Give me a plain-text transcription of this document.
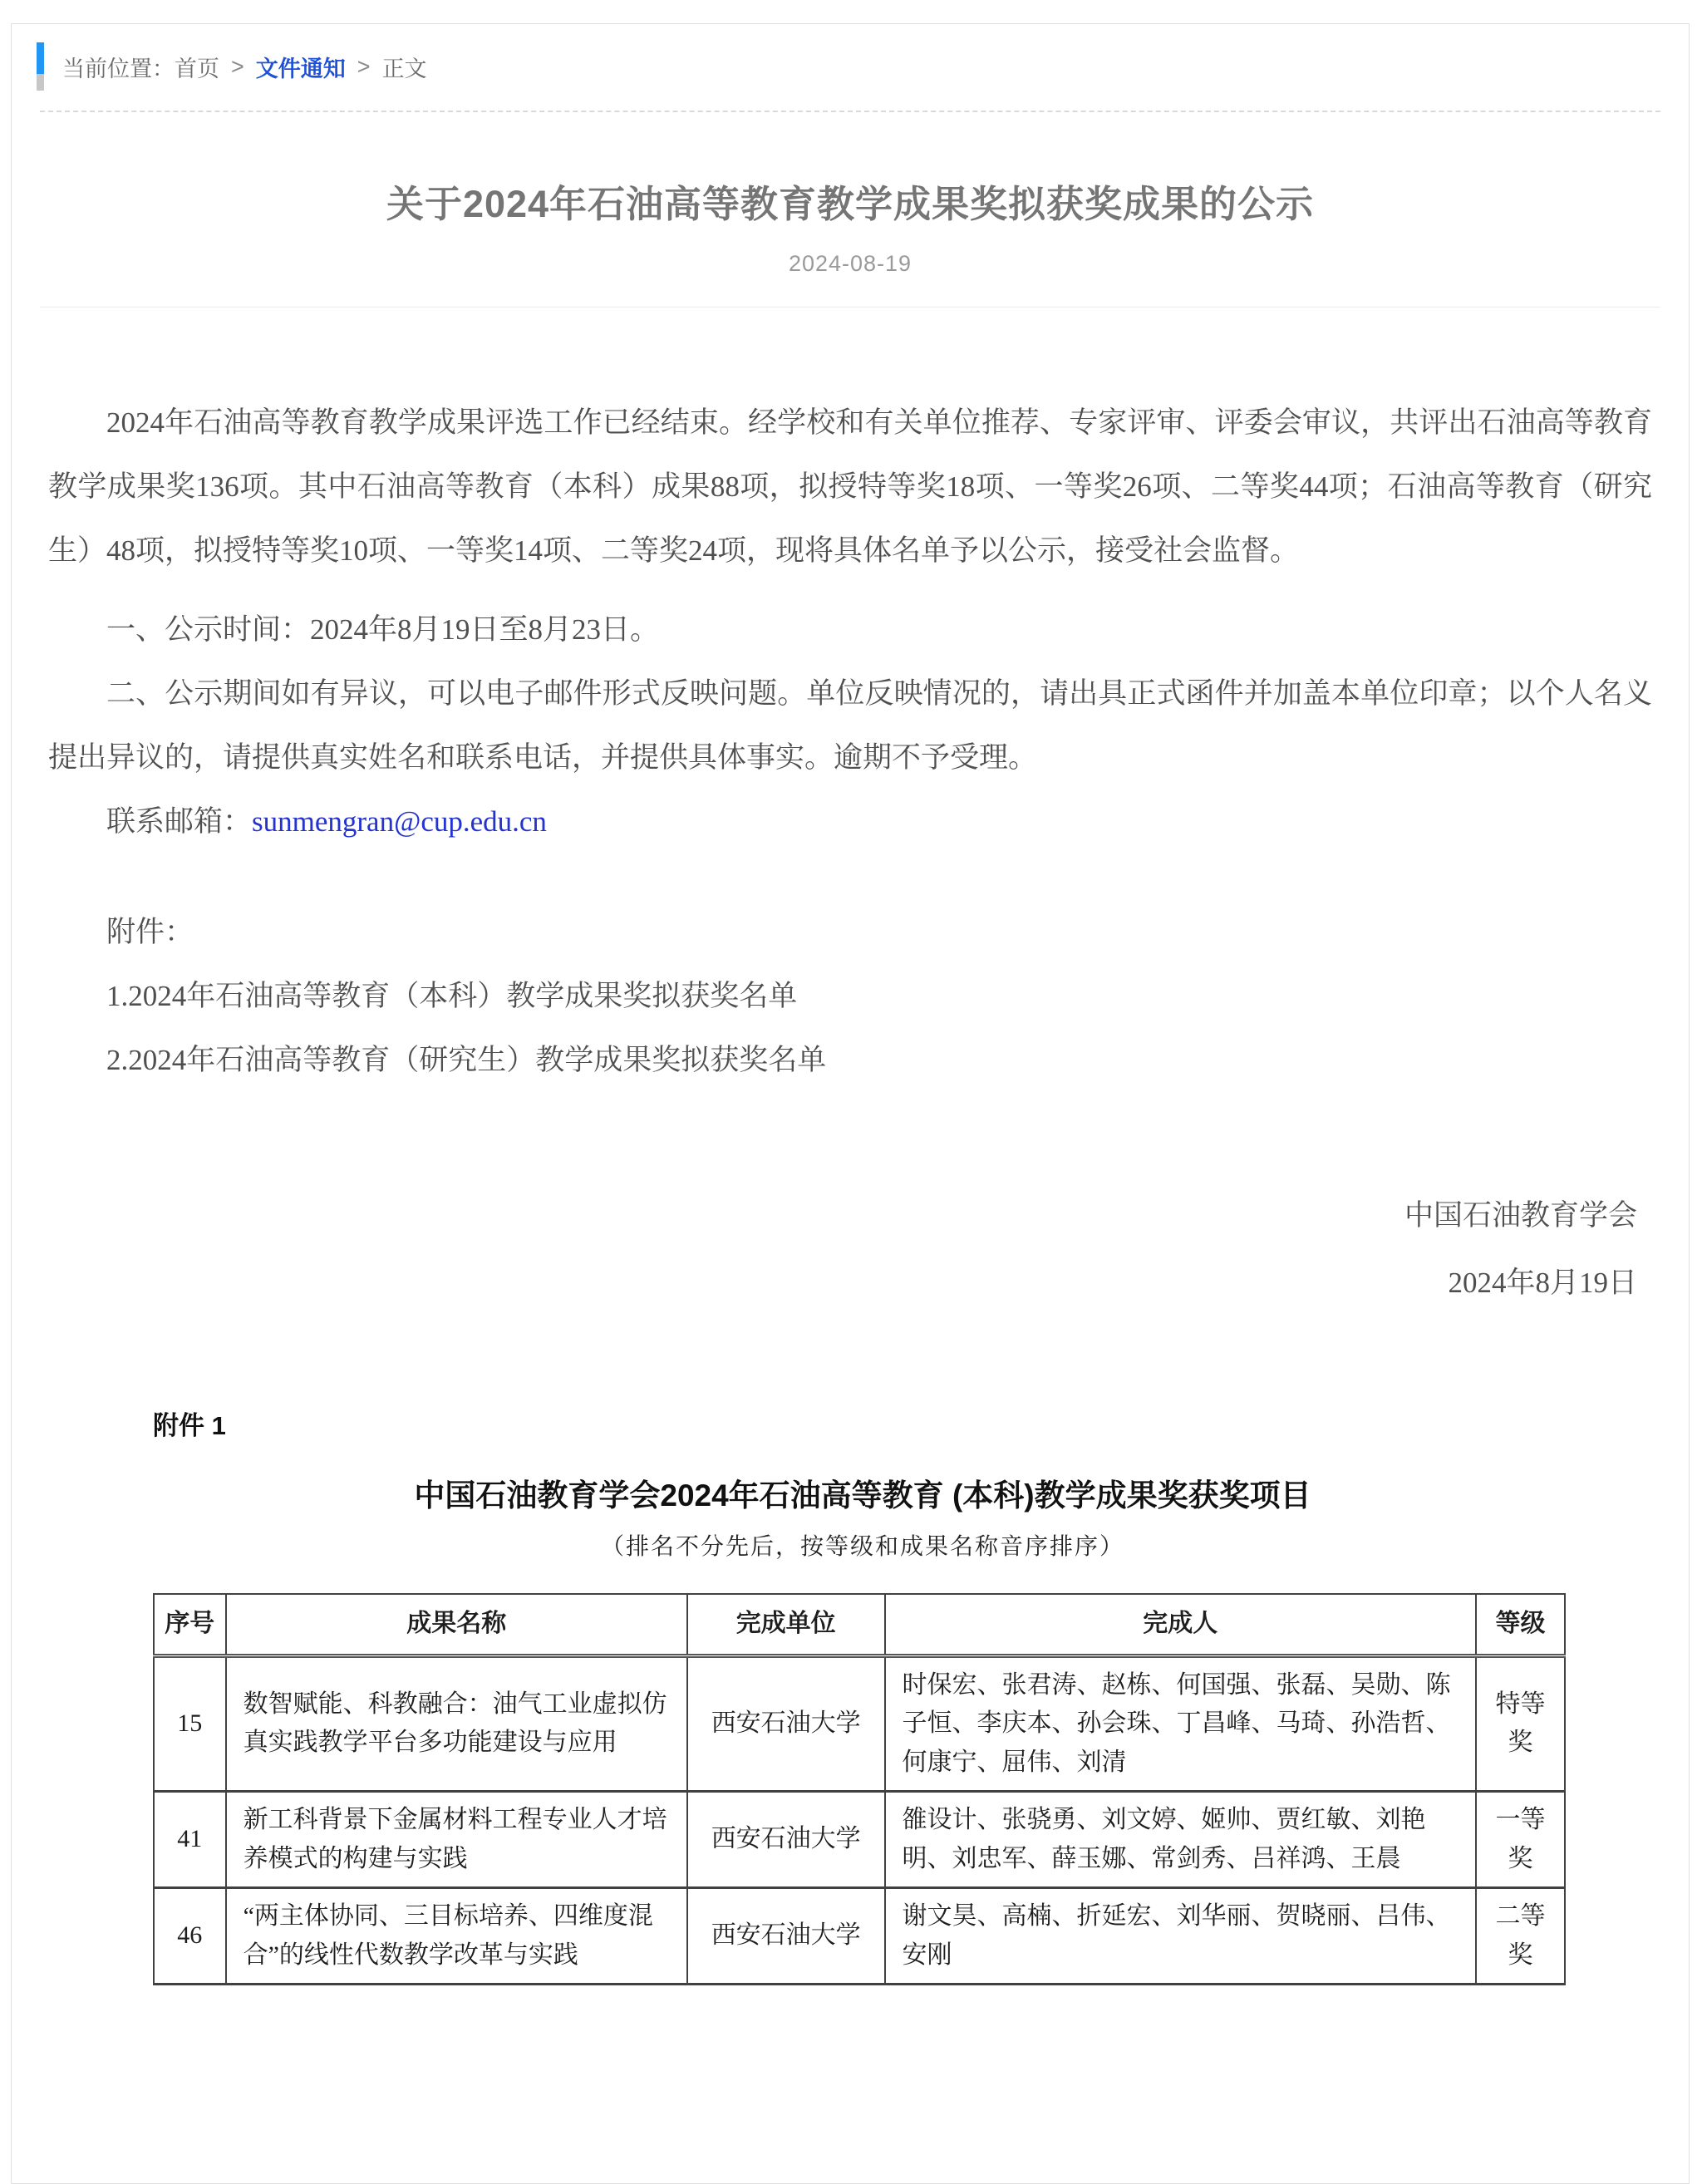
当前位置： 首页 > 文件通知 > 正文
关于2024年石油高等教育教学成果奖拟获奖成果的公示
2024-08-19

2024年石油高等教育教学成果评选工作已经结束。经学校和有关单位推荐、专家评审、评委会审议，共评出石油高等教育教学成果奖136项。其中石油高等教育（本科）成果88项，拟授特等奖18项、一等奖26项、二等奖44项；石油高等教育（研究生）48项，拟授特等奖10项、一等奖14项、二等奖24项，现将具体名单予以公示，接受社会监督。

一、公示时间：2024年8月19日至8月23日。

二、公示期间如有异议，可以电子邮件形式反映问题。单位反映情况的，请出具正式函件并加盖本单位印章；以个人名义提出异议的，请提供真实姓名和联系电话，并提供具体事实。逾期不予受理。

联系邮箱：sunmengran@cup.edu.cn

附件：

1.2024年石油高等教育（本科）教学成果奖拟获奖名单

2.2024年石油高等教育（研究生）教学成果奖拟获奖名单

中国石油教育学会

2024年8月19日

附件 1
中国石油教育学会2024年石油高等教育 (本科)教学成果奖获奖项目
（排名不分先后，按等级和成果名称音序排序）
序号	成果名称	完成单位	完成人	等级
15	数智赋能、科教融合：油气工业虚拟仿真实践教学平台多功能建设与应用	西安石油大学	时保宏、张君涛、赵栋、何国强、张磊、吴勋、陈子恒、李庆本、孙会珠、丁昌峰、马琦、孙浩哲、何康宁、屈伟、刘清	特等奖
41	新工科背景下金属材料工程专业人才培养模式的构建与实践	西安石油大学	雒设计、张骁勇、刘文婷、姬帅、贾红敏、刘艳明、刘忠军、薛玉娜、常剑秀、吕祥鸿、王晨	一等奖
46	“两主体协同、三目标培养、四维度混合”的线性代数教学改革与实践	西安石油大学	谢文昊、高楠、折延宏、刘华丽、贺晓丽、吕伟、安刚	二等奖
